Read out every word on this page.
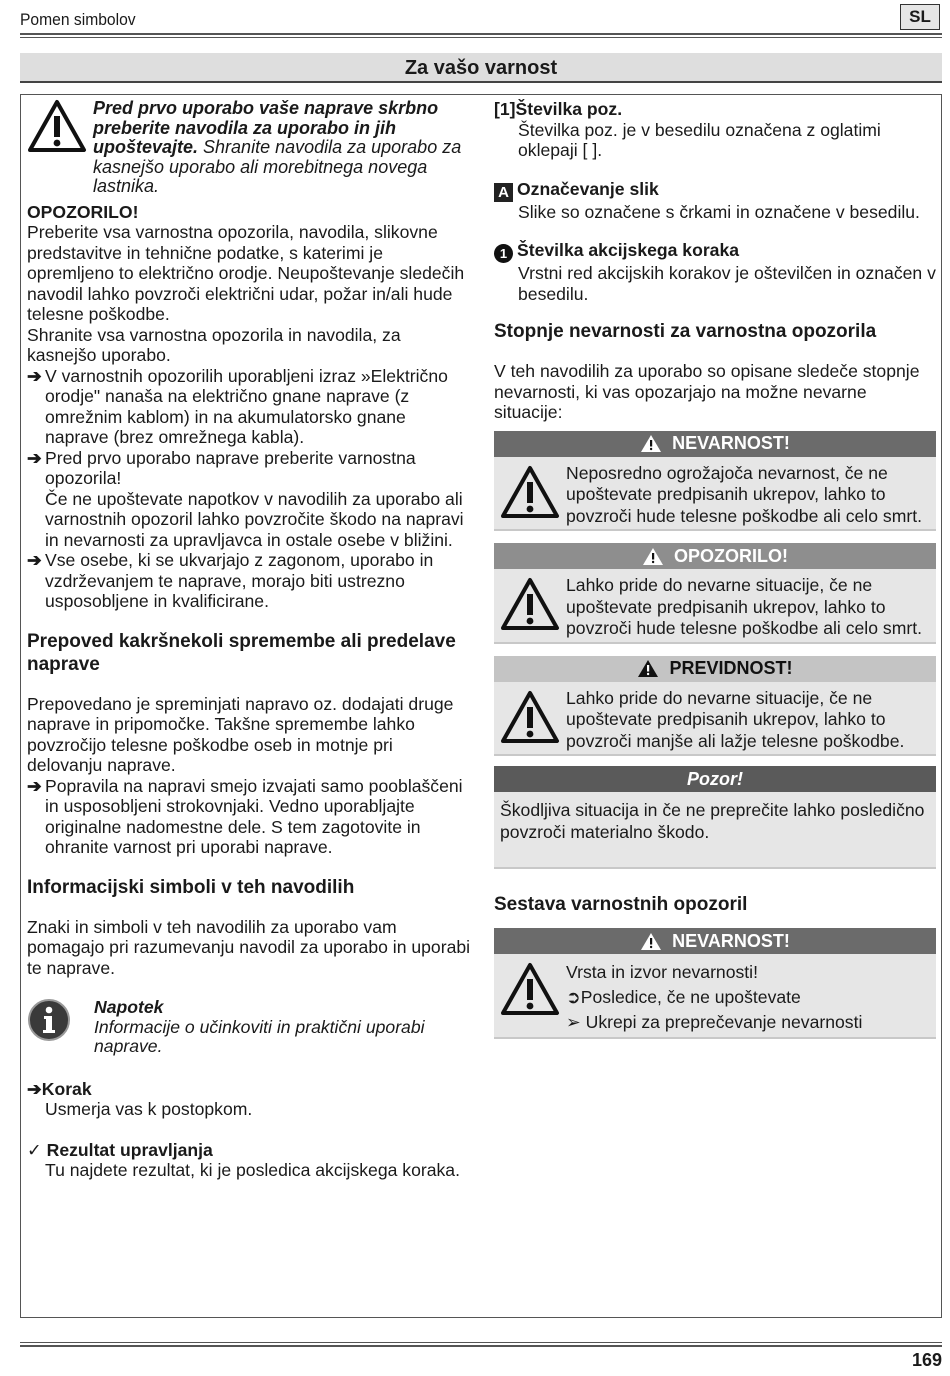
Pomen simbolov	SL
Za vašo varnost

Pred prvo uporabo vaše naprave skrbno preberite navodila za uporabo in jih upoštevajte. Shranite navodila za uporabo za kasnejšo uporabo ali morebitnega novega lastnika.

OPOZORILO!

Preberite vsa varnostna opozorila, navodila, slikovne predstavitve in tehnične podatke, s katerimi je opremljeno to električno orodje. Neupoštevanje sledečih navodil lahko povzroči električni udar, požar in/ali hude telesne poškodbe.

Shranite vsa varnostna opozorila in navodila, za kasnejšo uporabo.

➔ V varnostnih opozorilih uporabljeni izraz »Električno orodje" nanaša na električno gnane naprave (z omrežnim kablom) in na akumulatorsko gnane naprave (brez omrežnega kabla).

➔ Pred prvo uporabo naprave preberite varnostna opozorila!

Če ne upoštevate napotkov v navodilih za uporabo ali varnostnih opozoril lahko povzročite škodo na napravi in nevarnosti za upravljavca in ostale osebe v bližini.

➔ Vse osebe, ki se ukvarjajo z zagonom, uporabo in vzdrževanjem te naprave, morajo biti ustrezno usposobljene in kvalificirane.

Prepoved kakršnekoli spremembe ali predelave naprave

Prepovedano je spreminjati napravo oz. dodajati druge naprave in pripomočke. Takšne spremembe lahko povzročijo telesne poškodbe oseb in motnje pri delovanju naprave.

➔ Popravila na napravi smejo izvajati samo pooblaščeni in usposobljeni strokovnjaki. Vedno uporabljajte originalne nadomestne dele. S tem zagotovite in ohranite varnost pri uporabi naprave.

Informacijski simboli v teh navodilih

Znaki in simboli v teh navodilih za uporabo vam pomagajo pri razumevanju navodil za uporabo in uporabi te naprave.

Napotek

Informacije o učinkoviti in praktični uporabi naprave.

➔Korak

Usmerja vas k postopkom.

✓ Rezultat upravljanja

Tu najdete rezultat, ki je posledica akcijskega koraka.

[1]Številka poz.

Številka poz. je v besedilu označena z oglatimi oklepaji [ ].

A Označevanje slik

Slike so označene s črkami in označene v besedilu.

1 Številka akcijskega koraka

Vrstni red akcijskih korakov je oštevilčen in označen v besedilu.

Stopnje nevarnosti za varnostna opozorila

V teh navodilih za uporabo so opisane sledeče stopnje nevarnosti, ki vas opozarjajo na možne nevarne situacije:

NEVARNOST!

Neposredno ogrožajoča nevarnost, če ne upoštevate predpisanih ukrepov, lahko to povzroči hude telesne poškodbe ali celo smrt.

OPOZORILO!

Lahko pride do nevarne situacije, če ne upoštevate predpisanih ukrepov, lahko to povzroči hude telesne poškodbe ali celo smrt.

PREVIDNOST!

Lahko pride do nevarne situacije, če ne upoštevate predpisanih ukrepov, lahko to povzroči manjše ali lažje telesne poškodbe.

Pozor!

Škodljiva situacija in če ne preprečite lahko posledično povzroči materialno škodo.

Sestava varnostnih opozoril

NEVARNOST!

Vrsta in izvor nevarnosti!

➲Posledice, če ne upoštevate

➢ Ukrepi za preprečevanje nevarnosti

169
